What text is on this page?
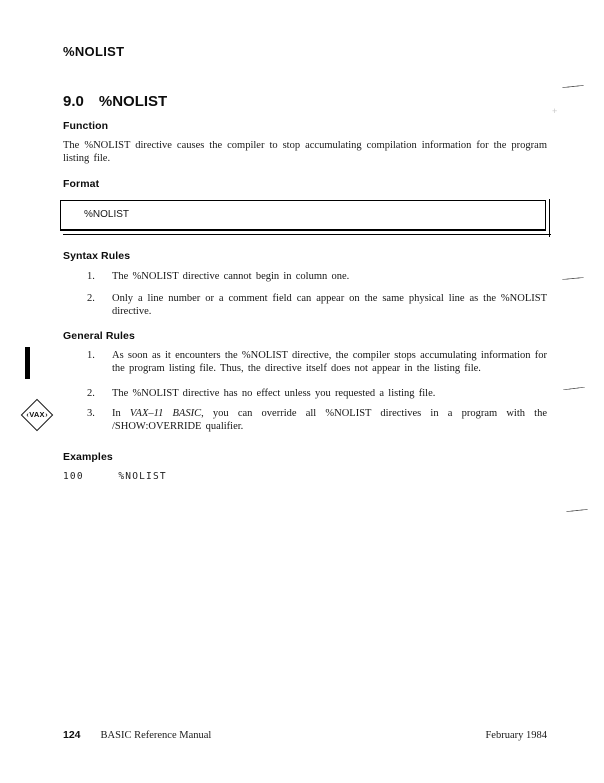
+
‹ VAX ›
%NOLIST
9.0 %NOLIST
Function

The %NOLIST directive causes the compiler to stop accumulating compilation information for the program listing file.

Format
%NOLIST
Syntax Rules
1.	The %NOLIST directive cannot begin in column one.
2.	Only a line number or a comment field can appear on the same physical line as the %NOLIST directive.
General Rules
1.	As soon as it encounters the %NOLIST directive, the compiler stops accumulating information for the program listing file. Thus, the directive itself does not appear in the listing file.
2.	The %NOLIST directive has no effect unless you requested a listing file.
3.	In VAX–11 BASIC, you can override all %NOLIST directives in a program with the /SHOW:OVERRIDE qualifier.
Examples
100     %NOLIST
124 BASIC Reference Manual	February 1984
